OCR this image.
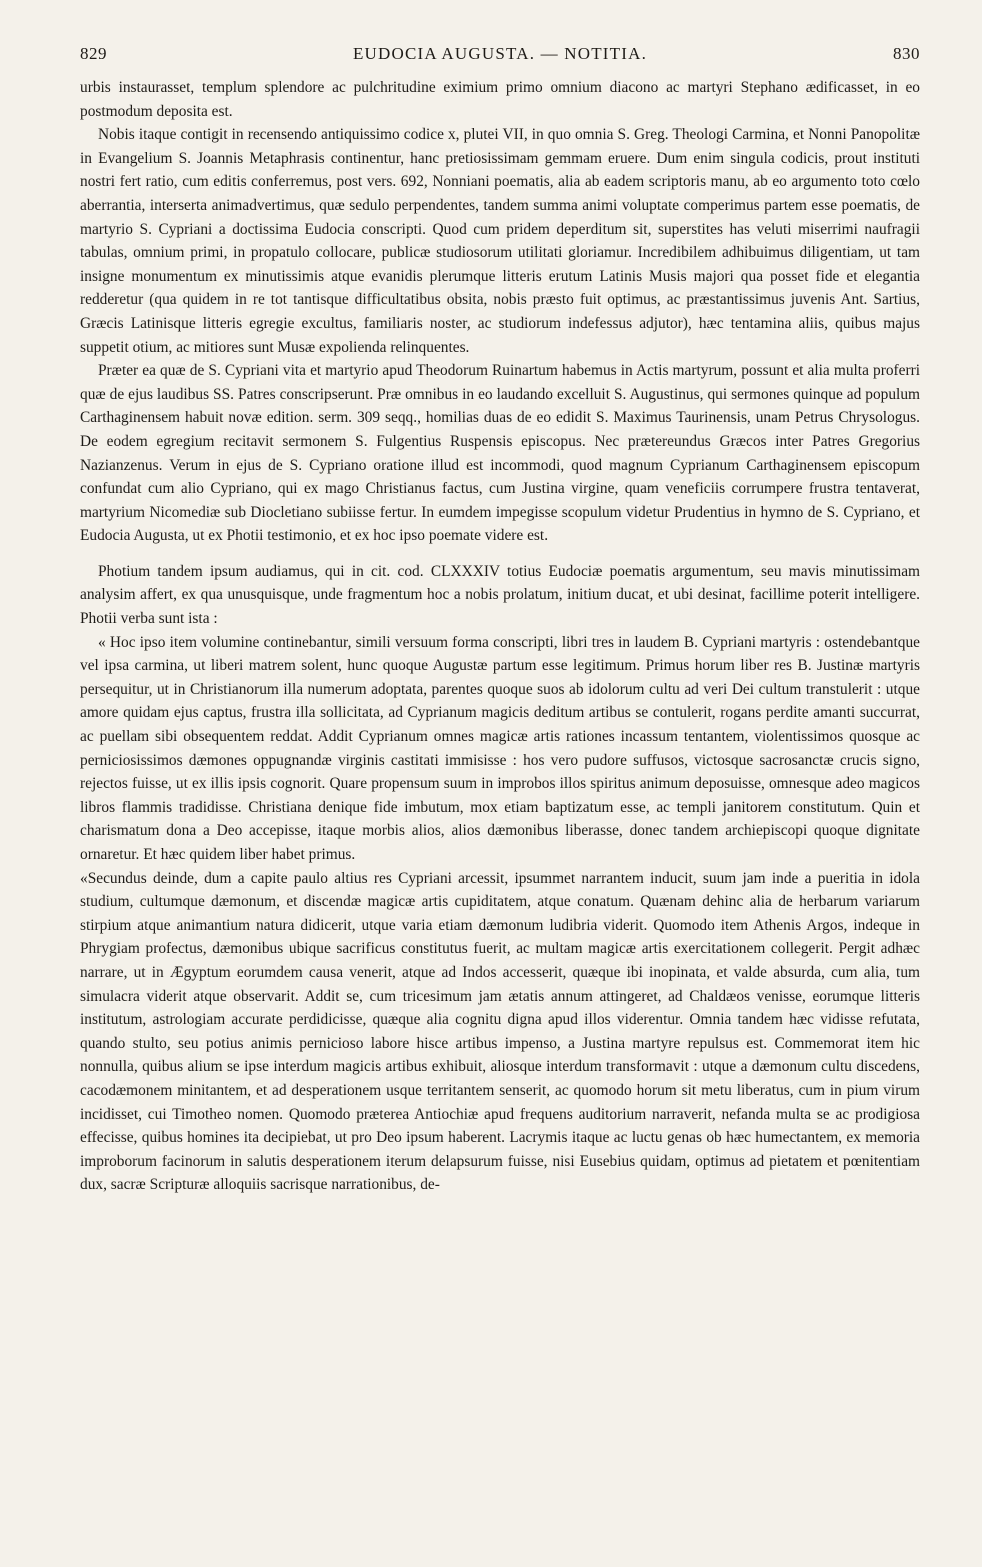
829	EUDOCIA AUGUSTA. — NOTITIA.	830

urbis instaurasset, templum splendore ac pulchritudine eximium primo omnium diacono ac martyri Stephano ædificasset, in eo postmodum deposita est.

Nobis itaque contigit in recensendo antiquissimo codice x, plutei VII, in quo omnia S. Greg. Theologi Carmina, et Nonni Panopolitæ in Evangelium S. Joannis Metaphrasis continentur, hanc pretiosissimam gemmam eruere. Dum enim singula codicis, prout instituti nostri fert ratio, cum editis conferremus, post vers. 692, Nonniani poematis, alia ab eadem scriptoris manu, ab eo argumento toto cœlo aberrantia, interserta animadvertimus, quæ sedulo perpendentes, tandem summa animi voluptate comperimus partem esse poematis, de martyrio S. Cypriani a doctissima Eudocia conscripti. Quod cum pridem deperditum sit, superstites has veluti miserrimi naufragii tabulas, omnium primi, in propatulo collocare, publicæ studiosorum utilitati gloriamur. Incredibilem adhibuimus diligentiam, ut tam insigne monumentum ex minutissimis atque evanidis plerumque litteris erutum Latinis Musis majori qua posset fide et elegantia redderetur (qua quidem in re tot tantisque difficultatibus obsita, nobis præsto fuit optimus, ac præstantissimus juvenis Ant. Sartius, Græcis Latinisque litteris egregie excultus, familiaris noster, ac studiorum indefessus adjutor), hæc tentamina aliis, quibus majus suppetit otium, ac mitiores sunt Musæ expolienda relinquentes.

Præter ea quæ de S. Cypriani vita et martyrio apud Theodorum Ruinartum habemus in Actis martyrum, possunt et alia multa proferri quæ de ejus laudibus SS. Patres conscripserunt. Præ omnibus in eo laudando excelluit S. Augustinus, qui sermones quinque ad populum Carthaginensem habuit novæ edition. serm. 309 seqq., homilias duas de eo edidit S. Maximus Taurinensis, unam Petrus Chrysologus. De eodem egregium recitavit sermonem S. Fulgentius Ruspensis episcopus. Nec prætereundus Græcos inter Patres Gregorius Nazianzenus. Verum in ejus de S. Cypriano oratione illud est incommodi, quod magnum Cyprianum Carthaginensem episcopum confundat cum alio Cypriano, qui ex mago Christianus factus, cum Justina virgine, quam veneficiis corrumpere frustra tentaverat, martyrium Nicomediæ sub Diocletiano subiisse fertur. In eumdem impegisse scopulum videtur Prudentius in hymno de S. Cypriano, et Eudocia Augusta, ut ex Photii testimonio, et ex hoc ipso poemate videre est.

Photium tandem ipsum audiamus, qui in cit. cod. CLXXXIV totius Eudociæ poematis argumentum, seu mavis minutissimam analysim affert, ex qua unusquisque, unde fragmentum hoc a nobis prolatum, initium ducat, et ubi desinat, facillime poterit intelligere. Photii verba sunt ista :

« Hoc ipso item volumine continebantur, simili versuum forma conscripti, libri tres in laudem B. Cypriani martyris : ostendebantque vel ipsa carmina, ut liberi matrem solent, hunc quoque Augustæ partum esse legitimum. Primus horum liber res B. Justinæ martyris persequitur, ut in Christianorum illa numerum adoptata, parentes quoque suos ab idolorum cultu ad veri Dei cultum transtulerit : utque amore quidam ejus captus, frustra illa sollicitata, ad Cyprianum magicis deditum artibus se contulerit, rogans perdite amanti succurrat, ac puellam sibi obsequentem reddat. Addit Cyprianum omnes magicæ artis rationes incassum tentantem, violentissimos quosque ac perniciosissimos dæmones oppugnandæ virginis castitati immisisse : hos vero pudore suffusos, victosque sacrosanctæ crucis signo, rejectos fuisse, ut ex illis ipsis cognorit. Quare propensum suum in improbos illos spiritus animum deposuisse, omnesque adeo magicos libros flammis tradidisse. Christiana denique fide imbutum, mox etiam baptizatum esse, ac templi janitorem constitutum. Quin et charismatum dona a Deo accepisse, itaque morbis alios, alios dæmonibus liberasse, donec tandem archiepiscopi quoque dignitate ornaretur. Et hæc quidem liber habet primus.

«Secundus deinde, dum a capite paulo altius res Cypriani arcessit, ipsummet narrantem inducit, suum jam inde a pueritia in idola studium, cultumque dæmonum, et discendæ magicæ artis cupiditatem, atque conatum. Quænam dehinc alia de herbarum variarum stirpium atque animantium natura didicerit, utque varia etiam dæmonum ludibria viderit. Quomodo item Athenis Argos, indeque in Phrygiam profectus, dæmonibus ubique sacrificus constitutus fuerit, ac multam magicæ artis exercitationem collegerit. Pergit adhæc narrare, ut in Ægyptum eorumdem causa venerit, atque ad Indos accesserit, quæque ibi inopinata, et valde absurda, cum alia, tum simulacra viderit atque observarit. Addit se, cum tricesimum jam ætatis annum attingeret, ad Chaldæos venisse, eorumque litteris institutum, astrologiam accurate perdidicisse, quæque alia cognitu digna apud illos viderentur. Omnia tandem hæc vidisse refutata, quando stulto, seu potius animis pernicioso labore hisce artibus impenso, a Justina martyre repulsus est. Commemorat item hic nonnulla, quibus alium se ipse interdum magicis artibus exhibuit, aliosque interdum transformavit : utque a dæmonum cultu discedens, cacodæmonem minitantem, et ad desperationem usque territantem senserit, ac quomodo horum sit metu liberatus, cum in pium virum incidisset, cui Timotheo nomen. Quomodo præterea Antiochiæ apud frequens auditorium narraverit, nefanda multa se ac prodigiosa effecisse, quibus homines ita decipiebat, ut pro Deo ipsum haberent. Lacrymis itaque ac luctu genas ob hæc humectantem, ex memoria improborum facinorum in salutis desperationem iterum delapsurum fuisse, nisi Eusebius quidam, optimus ad pietatem et pœnitentiam dux, sacræ Scripturæ alloquiis sacrisque narrationibus, de-
